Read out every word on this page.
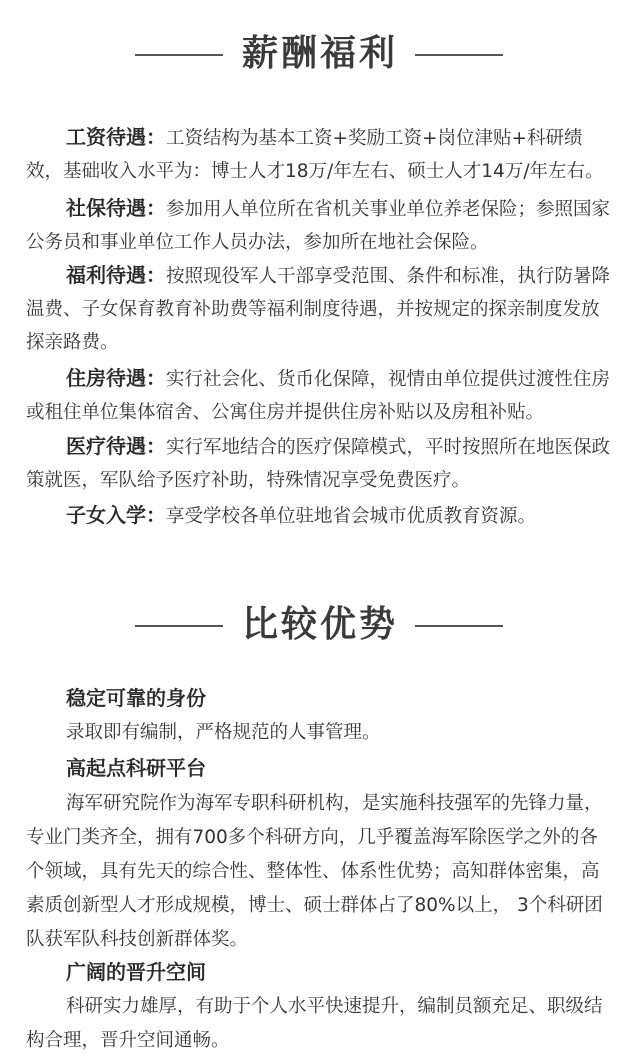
薪酬福利
工资待遇：工资结构为基本工资+奖励工资+岗位津贴+科研绩效，基础收入水平为：博士人才18万/年左右、硕士人才14万/年左右。
社保待遇：参加用人单位所在省机关事业单位养老保险；参照国家公务员和事业单位工作人员办法，参加所在地社会保险。
福利待遇：按照现役军人干部享受范围、条件和标准，执行防暑降温费、子女保育教育补助费等福利制度待遇，并按规定的探亲制度发放探亲路费。
住房待遇：实行社会化、货币化保障，视情由单位提供过渡性住房或租住单位集体宿舍、公寓住房并提供住房补贴以及房租补贴。
医疗待遇：实行军地结合的医疗保障模式，平时按照所在地医保政策就医，军队给予医疗补助，特殊情况享受免费医疗。
子女入学：享受学校各单位驻地省会城市优质教育资源。
比较优势
稳定可靠的身份
录取即有编制，严格规范的人事管理。
高起点科研平台
海军研究院作为海军专职科研机构，是实施科技强军的先锋力量，专业门类齐全，拥有700多个科研方向，几乎覆盖海军除医学之外的各个领域，具有先天的综合性、整体性、体系性优势；高知群体密集，高素质创新型人才形成规模，博士、硕士群体占了80%以上， 3个科研团队获军队科技创新群体奖。
广阔的晋升空间
科研实力雄厚，有助于个人水平快速提升，编制员额充足、职级结构合理，晋升空间通畅。
